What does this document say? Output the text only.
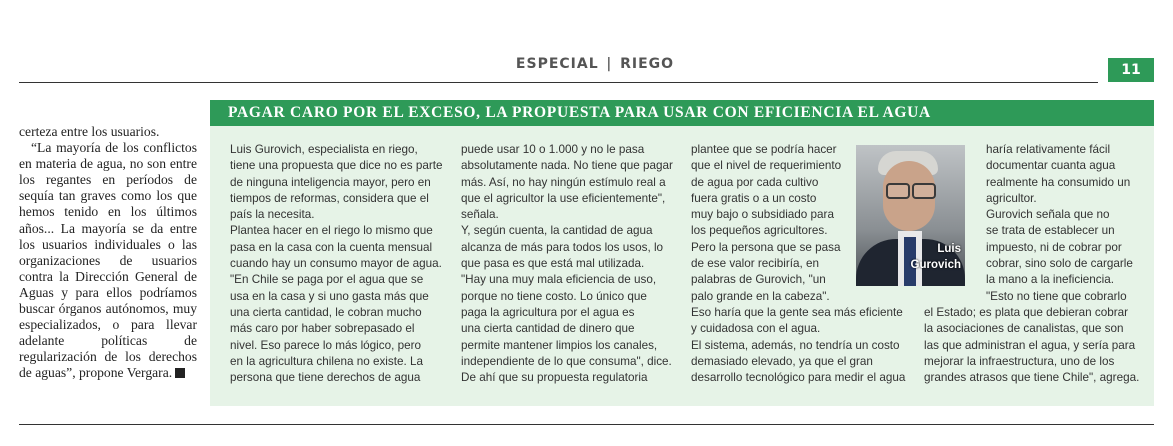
ESPECIAL | RIEGO	11

certeza entre los usuarios.

“La mayoría de los conflictos en materia de agua, no son entre los regantes en períodos de sequía tan graves como los que hemos tenido en los últimos años... La mayoría se da entre los usuarios individuales o las organizaciones de usuarios contra la Dirección General de Aguas y para ellos podríamos buscar órganos autónomos, muy especializados, o para llevar adelante políticas de regularización de los derechos de aguas”, propone Vergara.

PAGAR CARO POR EL EXCESO, LA PROPUESTA PARA USAR CON EFICIENCIA EL AGUA
Luis Gurovich, especialista en riego,
tiene una propuesta que dice no es parte
de ninguna inteligencia mayor, pero en
tiempos de reformas, considera que el
país la necesita.
Plantea hacer en el riego lo mismo que
pasa en la casa con la cuenta mensual
cuando hay un consumo mayor de agua.
"En Chile se paga por el agua que se
usa en la casa y si uno gasta más que
una cierta cantidad, le cobran mucho
más caro por haber sobrepasado el
nivel. Eso parece lo más lógico, pero
en la agricultura chilena no existe. La
persona que tiene derechos de agua
puede usar 10 o 1.000 y no le pasa
absolutamente nada. No tiene que pagar
más. Así, no hay ningún estímulo real a
que el agricultor la use eficientemente",
señala.
Y, según cuenta, la cantidad de agua
alcanza de más para todos los usos, lo
que pasa es que está mal utilizada.
"Hay una muy mala eficiencia de uso,
porque no tiene costo. Lo único que
paga la agricultura por el agua es
una cierta cantidad de dinero que
permite mantener limpios los canales,
independiente de lo que consuma", dice.
De ahí que su propuesta regulatoria
plantee que se podría hacer
que el nivel de requerimiento
de agua por cada cultivo
fuera gratis o a un costo
muy bajo o subsidiado para
los pequeños agricultores.
Pero la persona que se pasa
de ese valor recibiría, en
palabras de Gurovich, "un
palo grande en la cabeza".
Eso haría que la gente sea más eficiente
y cuidadosa con el agua.
El sistema, además, no tendría un costo
demasiado elevado, ya que el gran
desarrollo tecnológico para medir el agua
Luis
Gurovich
haría relativamente fácil
documentar cuanta agua
realmente ha consumido un
agricultor.
Gurovich señala que no
se trata de establecer un
impuesto, ni de cobrar por
cobrar, sino solo de cargarle
la mano a la ineficiencia.
"Esto no tiene que cobrarlo
el Estado; es plata que debieran cobrar
la asociaciones de canalistas, que son
las que administran el agua, y sería para
mejorar la infraestructura, uno de los
grandes atrasos que tiene Chile", agrega.
